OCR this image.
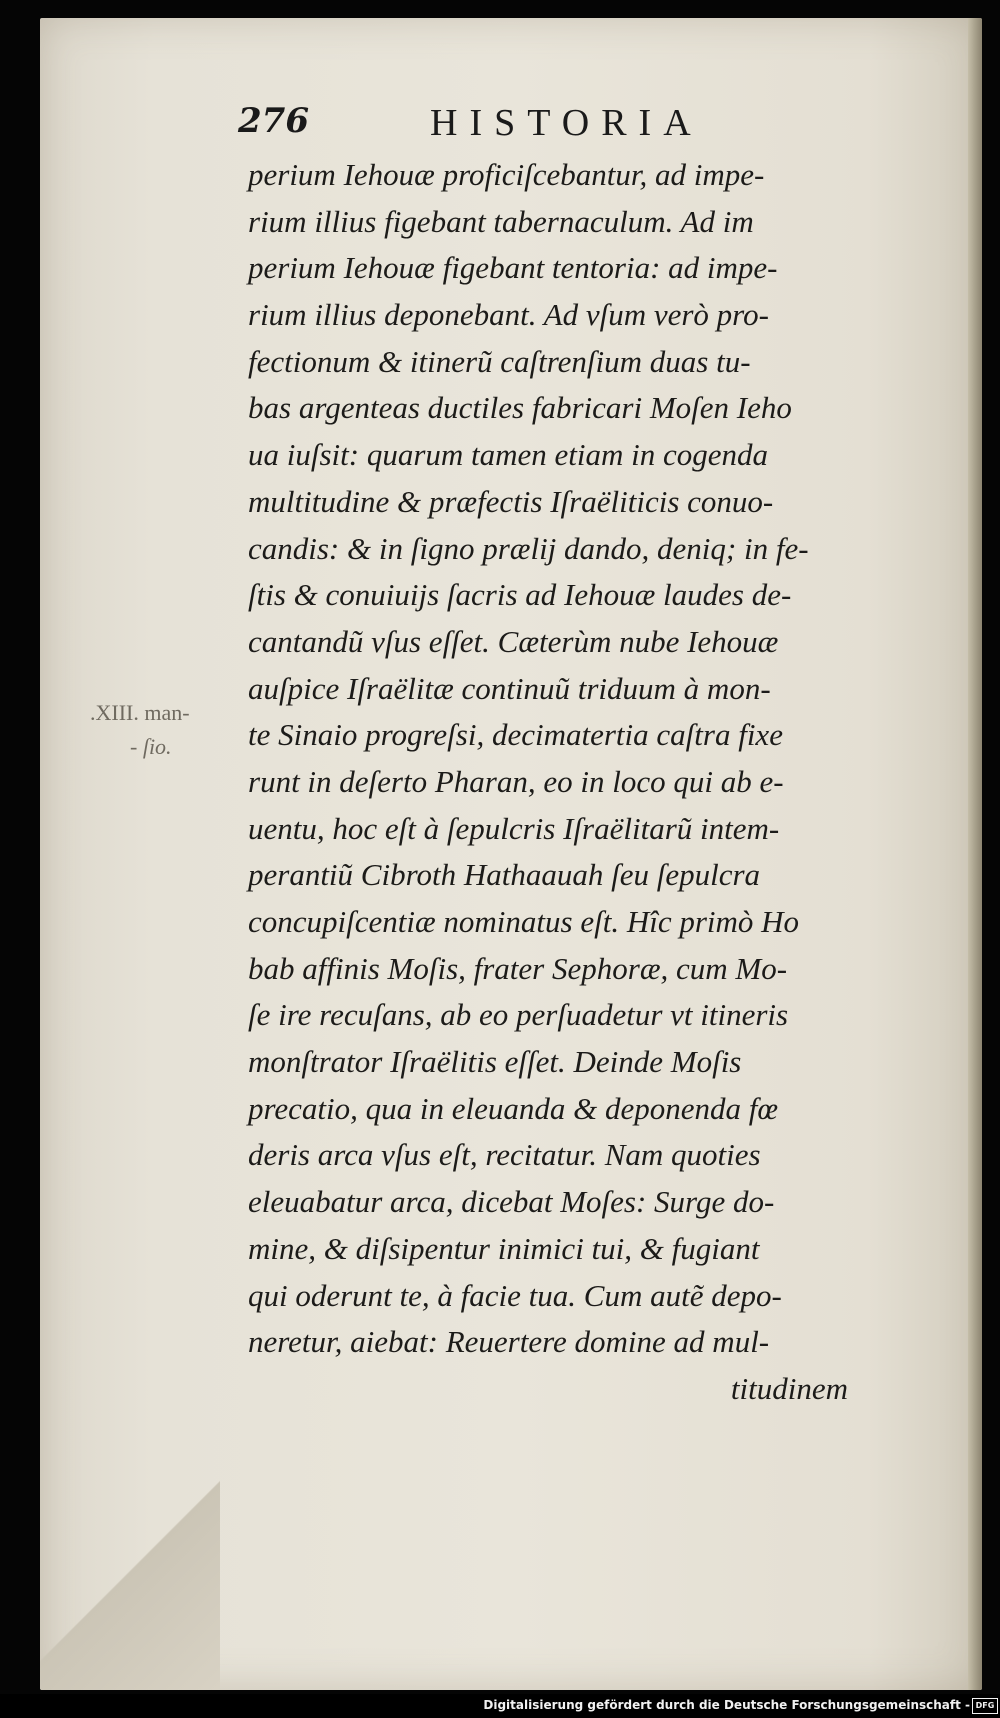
276	HISTORIA
perium Iehouæ proficiſcebantur, ad impe-
rium illius figebant tabernaculum. Ad im
perium Iehouæ figebant tentoria: ad impe-
rium illius deponebant. Ad vſum verò pro-
fectionum & itinerũ caſtrenſium duas tu-
bas argenteas ductiles fabricari Moſen Ieho
ua iuſsit: quarum tamen etiam in cogenda
multitudine & præfectis Iſraëliticis conuo-
candis: & in ſigno prælij dando, deniq; in fe-
ſtis & conuiuijs ſacris ad Iehouæ laudes de-
cantandũ vſus eſſet. Cæterùm nube Iehouæ
auſpice Iſraëlitæ continuũ triduum à mon-
te Sinaio progreſsi, decimatertia caſtra fixe
runt in deſerto Pharan, eo in loco qui ab e-
uentu, hoc eſt à ſepulcris Iſraëlitarũ intem-
perantiũ Cibroth Hathaauah ſeu ſepulcra
concupiſcentiæ nominatus eſt. Hîc primò Ho
bab affinis Moſis, frater Sephoræ, cum Mo-
ſe ire recuſans, ab eo perſuadetur vt itineris
monſtrator Iſraëlitis eſſet. Deinde Moſis
precatio, qua in eleuanda & deponenda fœ
deris arca vſus eſt, recitatur. Nam quoties
eleuabatur arca, dicebat Moſes: Surge do-
mine, & diſsipentur inimici tui, & fugiant
qui oderunt te, à facie tua. Cum autẽ depo-
neretur, aiebat: Reuertere domine ad mul-
titudinem
.XIII. man-
- ſio.
Digitalisierung gefördert durch die Deutsche Forschungsgemeinschaft - DFG
